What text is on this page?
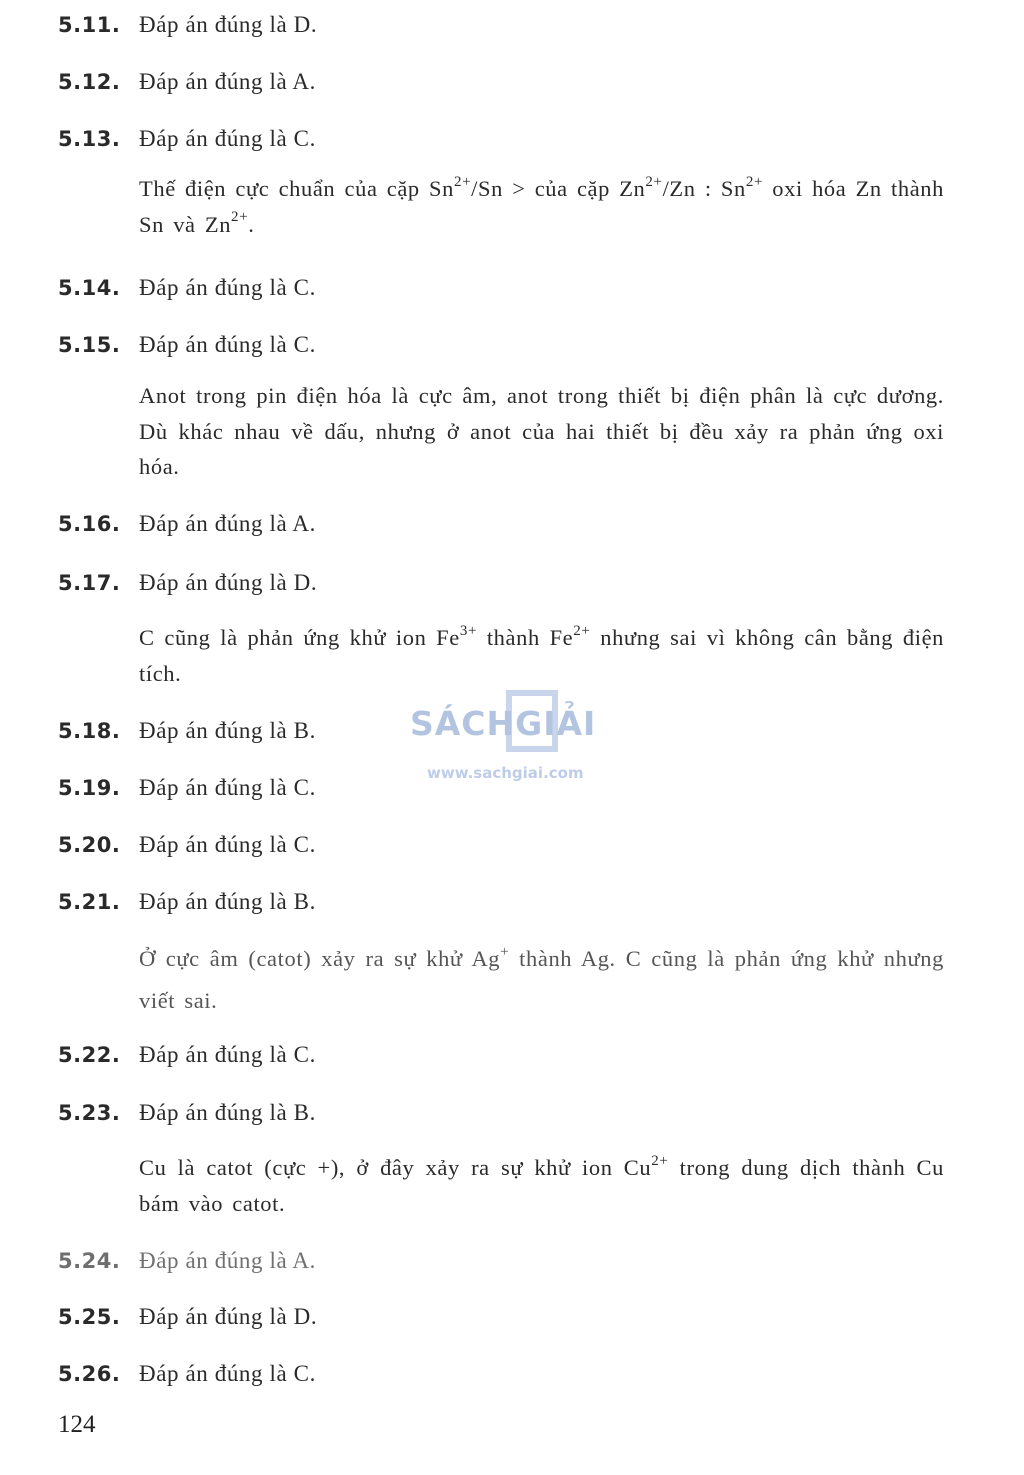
5.11. Đáp án đúng là D.
5.12. Đáp án đúng là A.
5.13. Đáp án đúng là C.

Thế điện cực chuẩn của cặp $Sn^{2+}/Sn$ > của cặp $Zn^{2+}/Zn$ : $Sn^{2+}$ oxi hóa Zn thành Sn và $Zn^{2+}$.

5.14. Đáp án đúng là C.
5.15. Đáp án đúng là C.

Anot trong pin điện hóa là cực âm, anot trong thiết bị điện phân là cực dương. Dù khác nhau về dấu, nhưng ở anot của hai thiết bị đều xảy ra phản ứng oxi hóa.

5.16. Đáp án đúng là A.
5.17. Đáp án đúng là D.

C cũng là phản ứng khử ion $Fe^{3+}$ thành $Fe^{2+}$ nhưng sai vì không cân bằng điện tích.

5.18. Đáp án đúng là B.
5.19. Đáp án đúng là C.
5.20. Đáp án đúng là C.
5.21. Đáp án đúng là B.

Ở cực âm (catot) xảy ra sự khử Ag+ thành Ag. C cũng là phản ứng khử nhưng viết sai.

5.22. Đáp án đúng là C.
5.23. Đáp án đúng là B.

Cu là catot (cực +), ở đây xảy ra sự khử ion $Cu^{2+}$ trong dung dịch thành Cu bám vào catot.

5.24. Đáp án đúng là A.
5.25. Đáp án đúng là D.
5.26. Đáp án đúng là C.
124
SÁCHGIẢI
www.sachgiai.com
